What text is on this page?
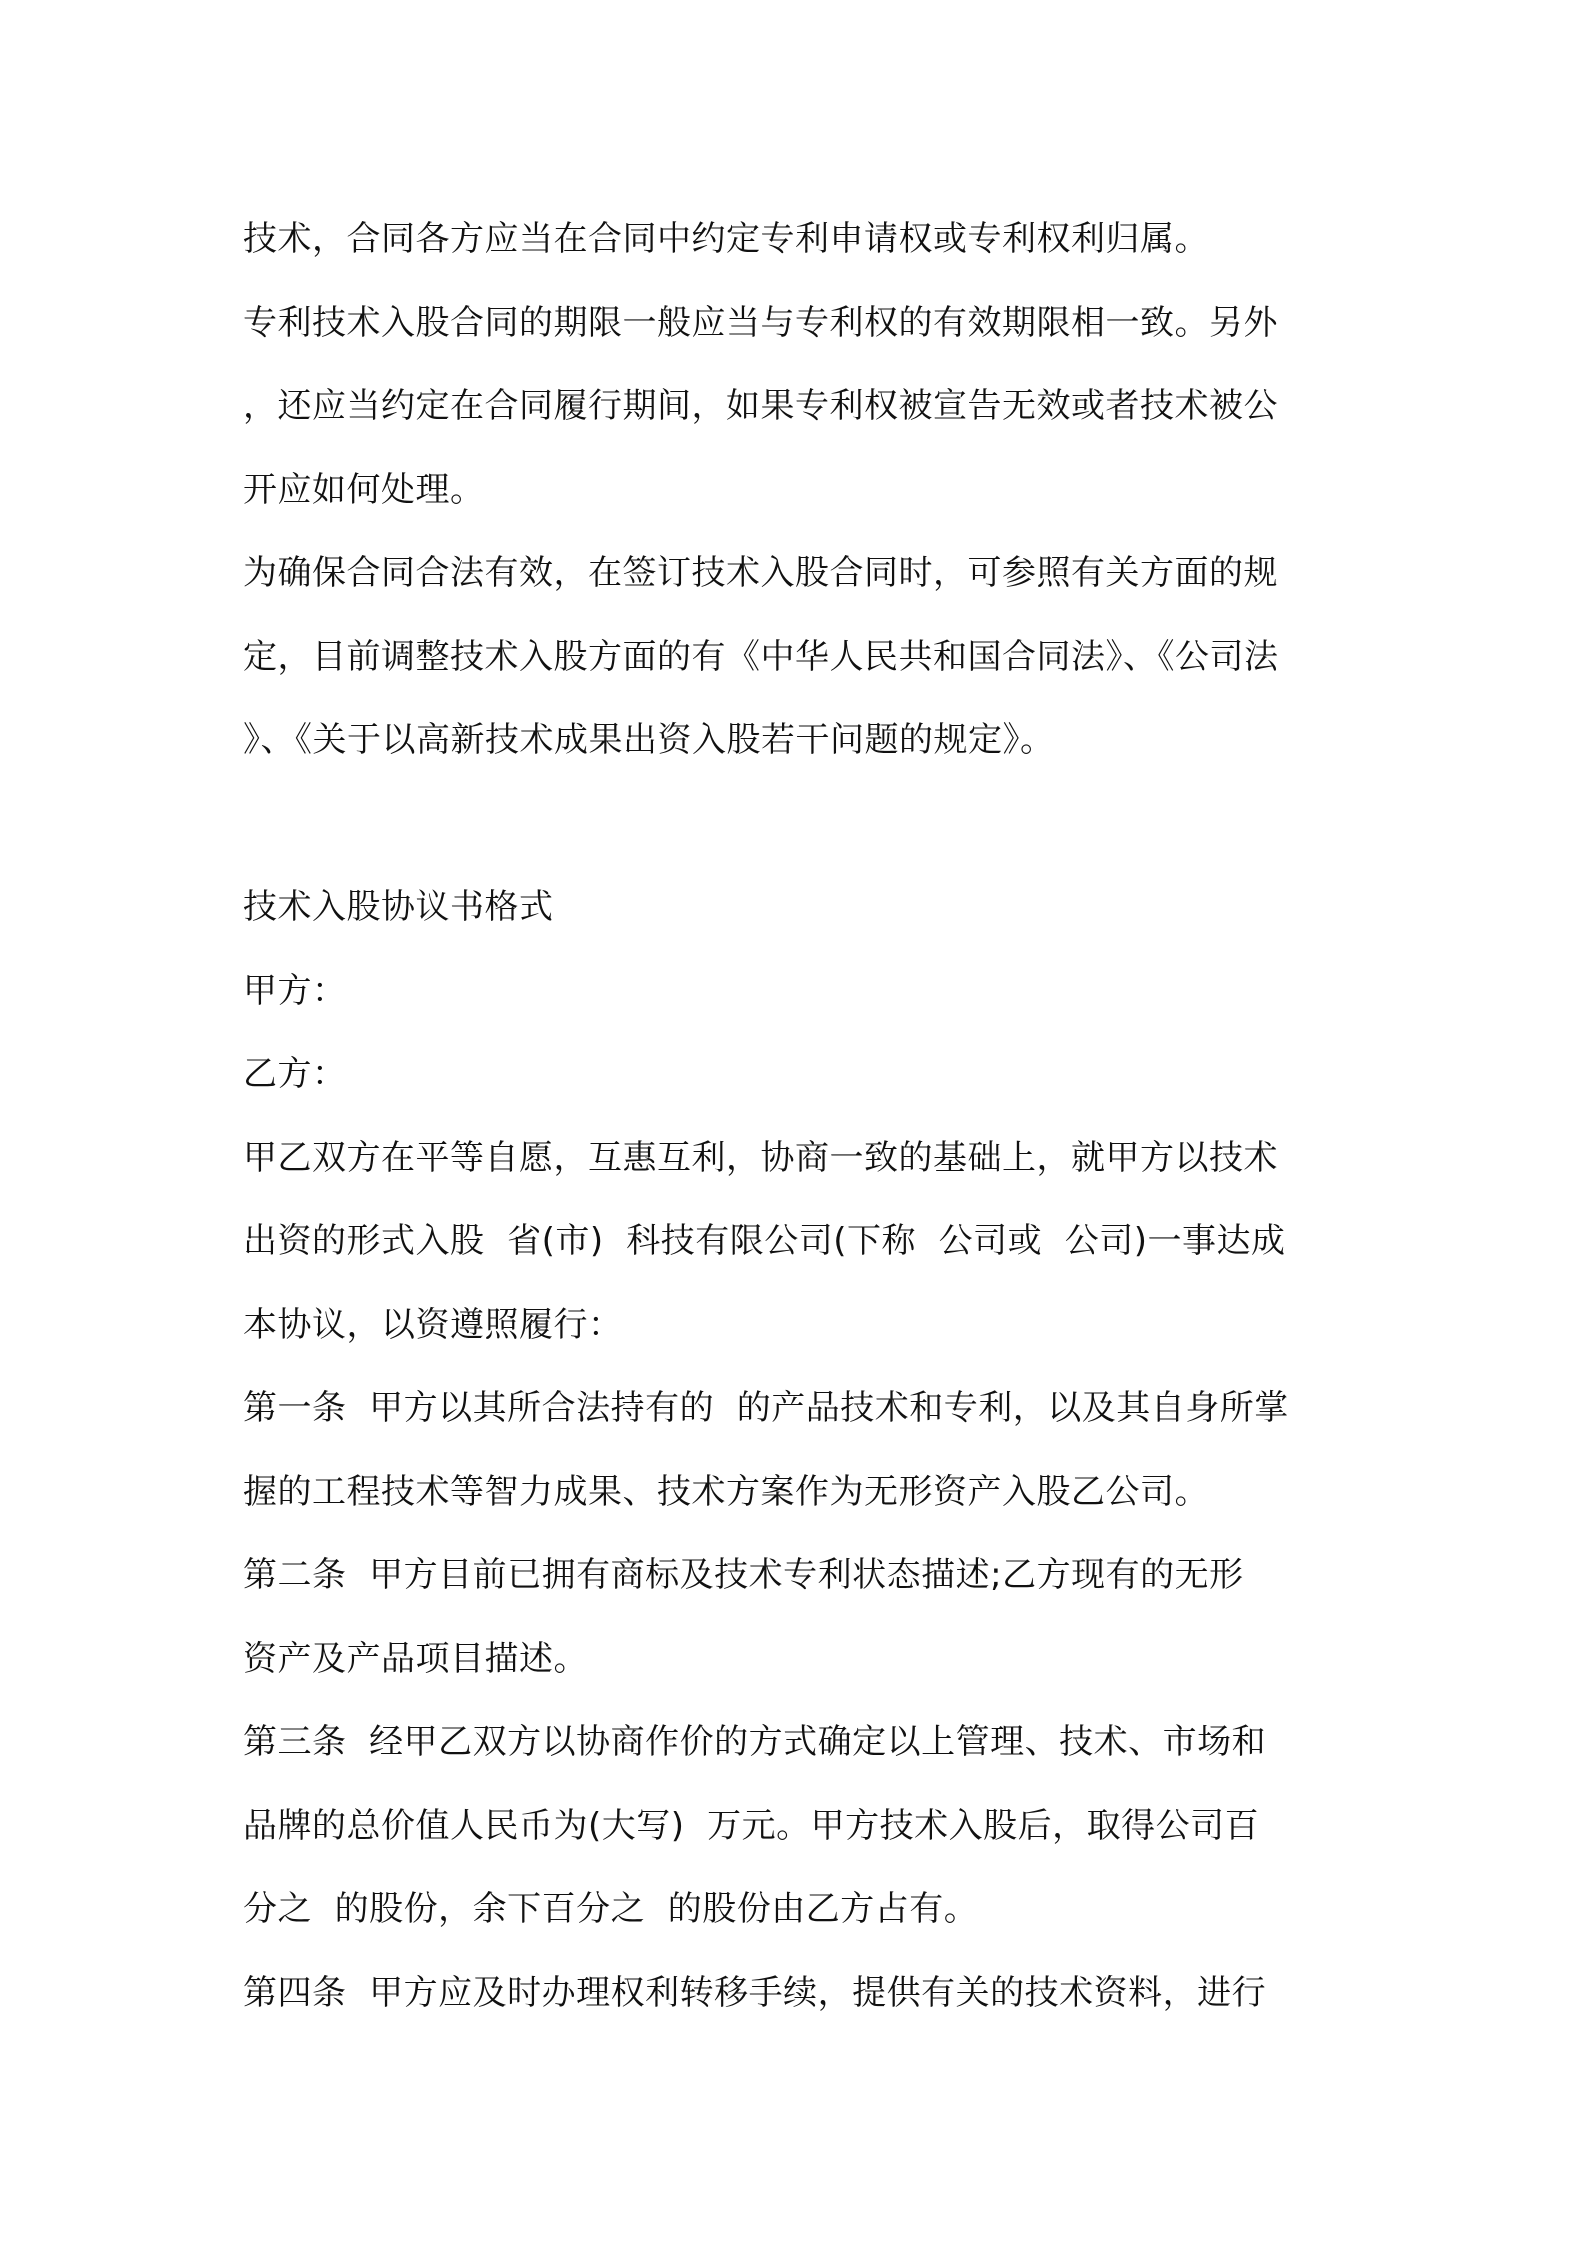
技术，合同各方应当在合同中约定专利申请权或专利权利归属。
专利技术入股合同的期限一般应当与专利权的有效期限相一致。另外
，还应当约定在合同履行期间，如果专利权被宣告无效或者技术被公
开应如何处理。
为确保合同合法有效，在签订技术入股合同时，可参照有关方面的规
定，目前调整技术入股方面的有《中华人民共和国合同法》、《公司法
》、《关于以高新技术成果出资入股若干问题的规定》。
技术入股协议书格式
甲方：
乙方：
甲乙双方在平等自愿，互惠互利，协商一致的基础上，就甲方以技术
出资的形式入股  省(市)  科技有限公司(下称  公司或  公司)一事达成
本协议，以资遵照履行：
第一条  甲方以其所合法持有的  的产品技术和专利，以及其自身所掌
握的工程技术等智力成果、技术方案作为无形资产入股乙公司。
第二条  甲方目前已拥有商标及技术专利状态描述;乙方现有的无形
资产及产品项目描述。
第三条  经甲乙双方以协商作价的方式确定以上管理、技术、市场和
品牌的总价值人民币为(大写)  万元。甲方技术入股后，取得公司百
分之  的股份，余下百分之  的股份由乙方占有。
第四条  甲方应及时办理权利转移手续，提供有关的技术资料，进行
